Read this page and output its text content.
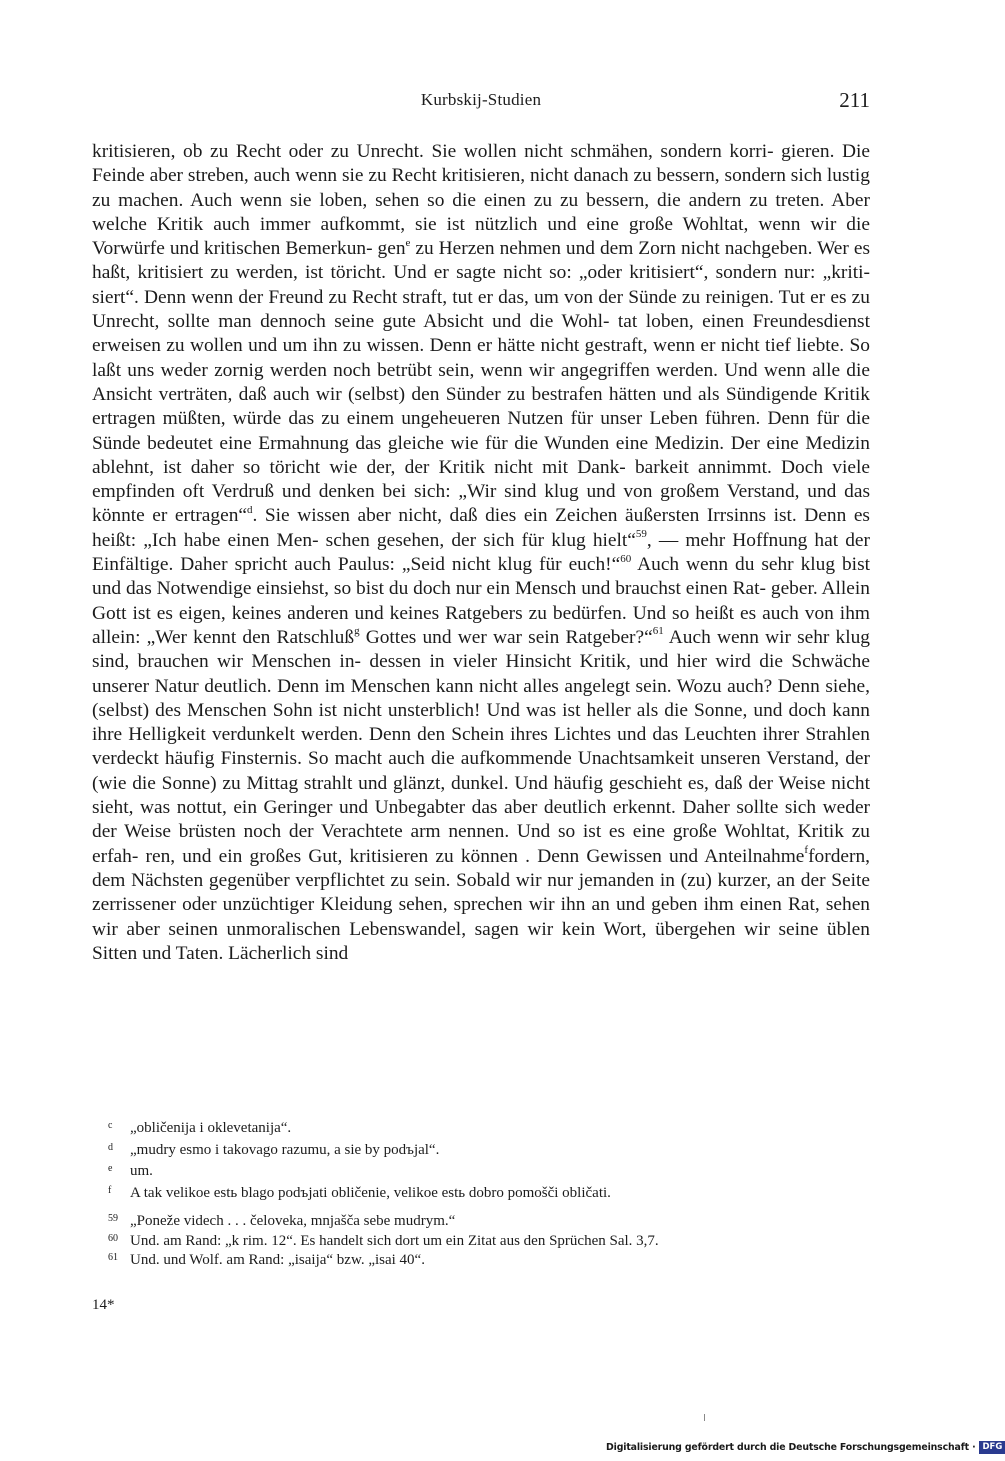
Kurbskij-Studien	211

kritisieren, ob zu Recht oder zu Unrecht. Sie wollen nicht schmähen, sondern korri- gieren. Die Feinde aber streben, auch wenn sie zu Recht kritisieren, nicht danach zu bessern, sondern sich lustig zu machen. Auch wenn sie loben, sehen so die einen zu zu bessern, die andern zu treten. Aber welche Kritik auch immer aufkommt, sie ist nützlich und eine große Wohltat, wenn wir die Vorwürfe und kritischen Bemerkun- gen$^e$ zu Herzen nehmen und dem Zorn nicht nachgeben. Wer es haßt, kritisiert zu werden, ist töricht. Und er sagte nicht so: „oder kritisiert“, sondern nur: „kriti- siert“. Denn wenn der Freund zu Recht straft, tut er das, um von der Sünde zu reinigen. Tut er es zu Unrecht, sollte man dennoch seine gute Absicht und die Wohl- tat loben, einen Freundesdienst erweisen zu wollen und um ihn zu wissen. Denn er hätte nicht gestraft, wenn er nicht tief liebte. So laßt uns weder zornig werden noch betrübt sein, wenn wir angegriffen werden. Und wenn alle die Ansicht verträten, daß auch wir (selbst) den Sünder zu bestrafen hätten und als Sündigende Kritik ertragen müßten, würde das zu einem ungeheueren Nutzen für unser Leben führen. Denn für die Sünde bedeutet eine Ermahnung das gleiche wie für die Wunden eine Medizin. Der eine Medizin ablehnt, ist daher so töricht wie der, der Kritik nicht mit Dank- barkeit annimmt. Doch viele empfinden oft Verdruß und denken bei sich: „Wir sind klug und von großem Verstand, und das könnte er ertragen“$^d$. Sie wissen aber nicht, daß dies ein Zeichen äußersten Irrsinns ist. Denn es heißt: „Ich habe einen Men- schen gesehen, der sich für klug hielt“$^{59}$, — mehr Hoffnung hat der Einfältige. Daher spricht auch Paulus: „Seid nicht klug für euch!“$^{60}$ Auch wenn du sehr klug bist und das Notwendige einsiehst, so bist du doch nur ein Mensch und brauchst einen Rat- geber. Allein Gott ist es eigen, keines anderen und keines Ratgebers zu bedürfen. Und so heißt es auch von ihm allein: „Wer kennt den Ratschluß$^g$ Gottes und wer war sein Ratgeber?“$^{61}$ Auch wenn wir sehr klug sind, brauchen wir Menschen in- dessen in vieler Hinsicht Kritik, und hier wird die Schwäche unserer Natur deutlich. Denn im Menschen kann nicht alles angelegt sein. Wozu auch? Denn siehe, (selbst) des Menschen Sohn ist nicht unsterblich! Und was ist heller als die Sonne, und doch kann ihre Helligkeit verdunkelt werden. Denn den Schein ihres Lichtes und das Leuchten ihrer Strahlen verdeckt häufig Finsternis. So macht auch die aufkommende Unachtsamkeit unseren Verstand, der (wie die Sonne) zu Mittag strahlt und glänzt, dunkel. Und häufig geschieht es, daß der Weise nicht sieht, was nottut, ein Geringer und Unbegabter das aber deutlich erkennt. Daher sollte sich weder der Weise brüsten noch der Verachtete arm nennen. Und so ist es eine große Wohltat, Kritik zu erfah- ren, und ein großes Gut, kritisieren zu können . Denn Gewissen und Anteilnahme$^f$fordern, dem Nächsten gegenüber verpflichtet zu sein. Sobald wir nur jemanden in (zu) kurzer, an der Seite zerrissener oder unzüchtiger Kleidung sehen, sprechen wir ihn an und geben ihm einen Rat, sehen wir aber seinen unmoralischen Lebenswandel, sagen wir kein Wort, übergehen wir seine üblen Sitten und Taten. Lächerlich sind

c	„obličenija i oklevetanija“.
d	„mudry esmo i takovago razumu, a sie by podъjal“.
e	um.
f	A tak velikoe estь blago podъjati obličenie, velikoe estь dobro pomošči obličati.
59 „Poneže videch . . . čeloveka, mnjašča sebe mudrym.“
60 Und. am Rand: „k rim. 12“. Es handelt sich dort um ein Zitat aus den Sprüchen Sal. 3,7.
61 Und. und Wolf. am Rand: „isaija“ bzw. „isai 40“.
14*
Digitalisierung gefördert durch die Deutsche Forschungsgemeinschaft · DFG
